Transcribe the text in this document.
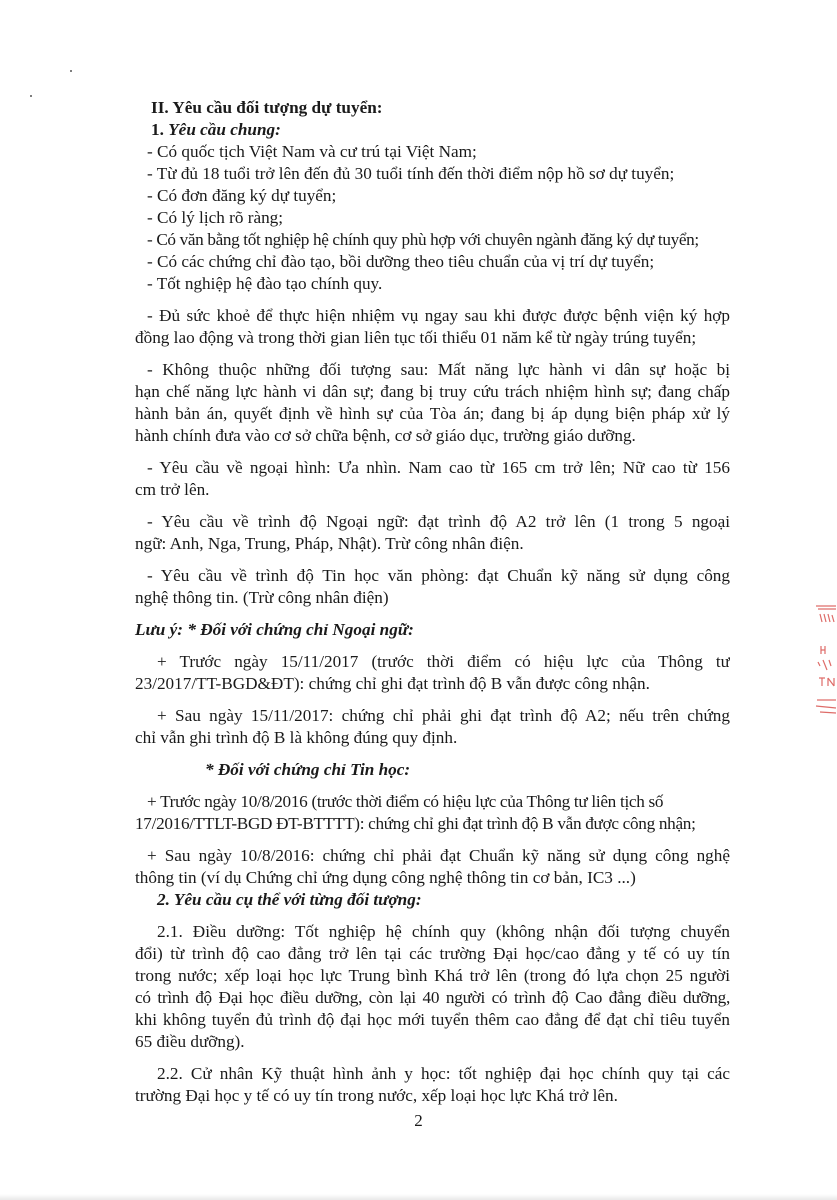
II. Yêu cầu đối tượng dự tuyển:
1. Yêu cầu chung:
- Có quốc tịch Việt Nam và cư trú tại Việt Nam;
- Từ đủ 18 tuổi trở lên đến đủ 30 tuổi tính đến thời điểm nộp hồ sơ dự tuyển;
- Có đơn đăng ký dự tuyển;
- Có lý lịch rõ ràng;
- Có văn bằng tốt nghiệp hệ chính quy phù hợp với chuyên ngành đăng ký dự tuyển;
- Có các chứng chỉ đào tạo, bồi dưỡng theo tiêu chuẩn của vị trí dự tuyển;
- Tốt nghiệp hệ đào tạo chính quy.
- Đủ sức khoẻ để thực hiện nhiệm vụ ngay sau khi được được bệnh viện ký hợp
đồng lao động và trong thời gian liên tục tối thiểu 01 năm kể từ ngày trúng tuyển;
- Không thuộc những đối tượng sau: Mất năng lực hành vi dân sự hoặc bị
hạn chế năng lực hành vi dân sự; đang bị truy cứu trách nhiệm hình sự; đang chấp
hành bản án, quyết định về hình sự của Tòa án; đang bị áp dụng biện pháp xử lý
hành chính đưa vào cơ sở chữa bệnh, cơ sở giáo dục, trường giáo dưỡng.
- Yêu cầu về ngoại hình: Ưa nhìn. Nam cao từ 165 cm trở lên; Nữ cao từ 156
cm trở lên.
- Yêu cầu về trình độ Ngoại ngữ: đạt trình độ A2 trở lên (1 trong 5 ngoại
ngữ: Anh, Nga, Trung, Pháp, Nhật). Trừ công nhân điện.
- Yêu cầu về trình độ Tin học văn phòng: đạt Chuẩn kỹ năng sử dụng công
nghệ thông tin. (Trừ công nhân điện)
Lưu ý: * Đối với chứng chỉ Ngoại ngữ:
+ Trước ngày 15/11/2017 (trước thời điểm có hiệu lực của Thông tư
23/2017/TT-BGD&ĐT): chứng chỉ ghi đạt trình độ B vẫn được công nhận.
+ Sau ngày 15/11/2017: chứng chỉ phải ghi đạt trình độ A2; nếu trên chứng
chỉ vẫn ghi trình độ B là không đúng quy định.
* Đối với chứng chỉ Tin học:
+ Trước ngày 10/8/2016 (trước thời điểm có hiệu lực của Thông tư liên tịch số
17/2016/TTLT-BGD ĐT-BTTTT): chứng chỉ ghi đạt trình độ B vẫn được công nhận;
+ Sau ngày 10/8/2016: chứng chỉ phải đạt Chuẩn kỹ năng sử dụng công nghệ
thông tin (ví dụ Chứng chỉ ứng dụng công nghệ thông tin cơ bản, IC3 ...)
2. Yêu cầu cụ thể với từng đối tượng:
2.1. Điều dưỡng: Tốt nghiệp hệ chính quy (không nhận đối tượng chuyển
đổi) từ trình độ cao đẳng trở lên tại các trường Đại học/cao đẳng y tế có uy tín
trong nước; xếp loại học lực Trung bình Khá trở lên (trong đó lựa chọn 25 người
có trình độ Đại học điều dưỡng, còn lại 40 người có trình độ Cao đẳng điều dưỡng,
khi không tuyển đủ trình độ đại học mới tuyển thêm cao đẳng để đạt chỉ tiêu tuyển
65 điều dưỡng).
2.2. Cử nhân Kỹ thuật hình ảnh y học: tốt nghiệp đại học chính quy tại các
trường Đại học y tế có uy tín trong nước, xếp loại học lực Khá trở lên.
2
